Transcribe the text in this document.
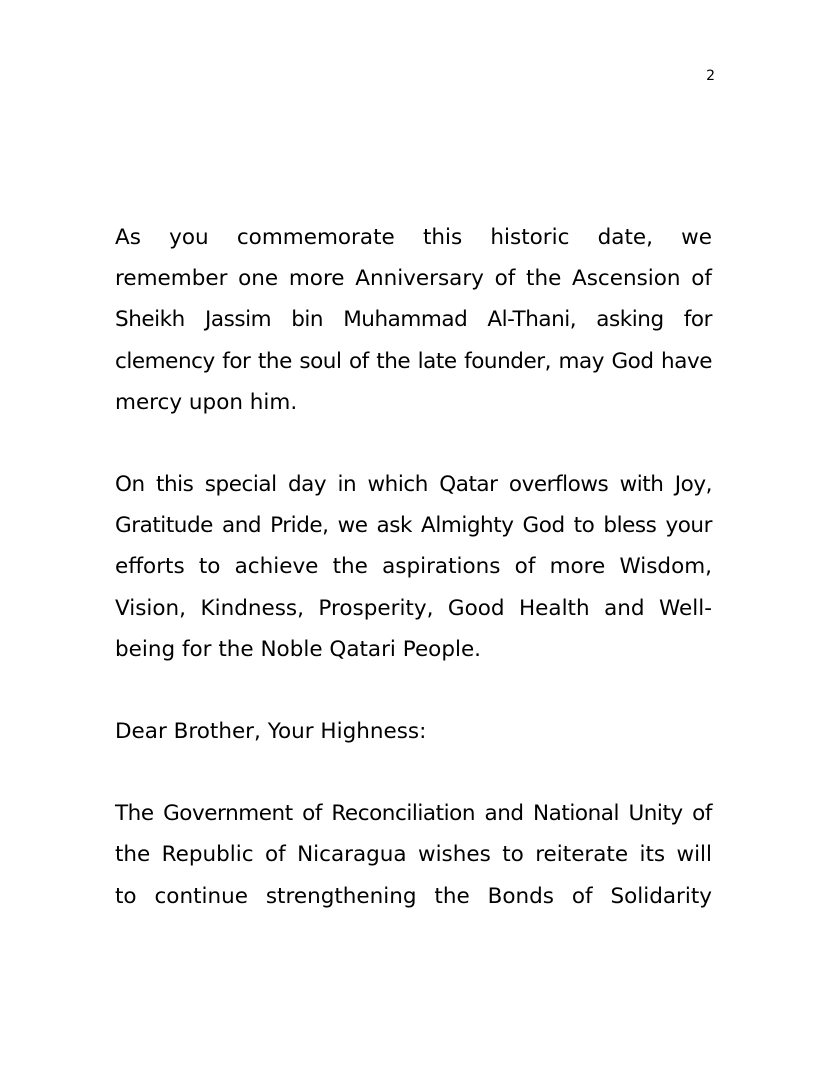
2

As you commemorate this historic date, we
remember one more Anniversary of the Ascension of
Sheikh Jassim bin Muhammad Al-Thani, asking for
clemency for the soul of the late founder, may God have
mercy upon him.

On this special day in which Qatar overflows with Joy,
Gratitude and Pride, we ask Almighty God to bless your
efforts to achieve the aspirations of more Wisdom,
Vision, Kindness, Prosperity, Good Health and Well-
being for the Noble Qatari People.

Dear Brother, Your Highness:

The Government of Reconciliation and National Unity of
the Republic of Nicaragua wishes to reiterate its will
to continue strengthening the Bonds of Solidarity
